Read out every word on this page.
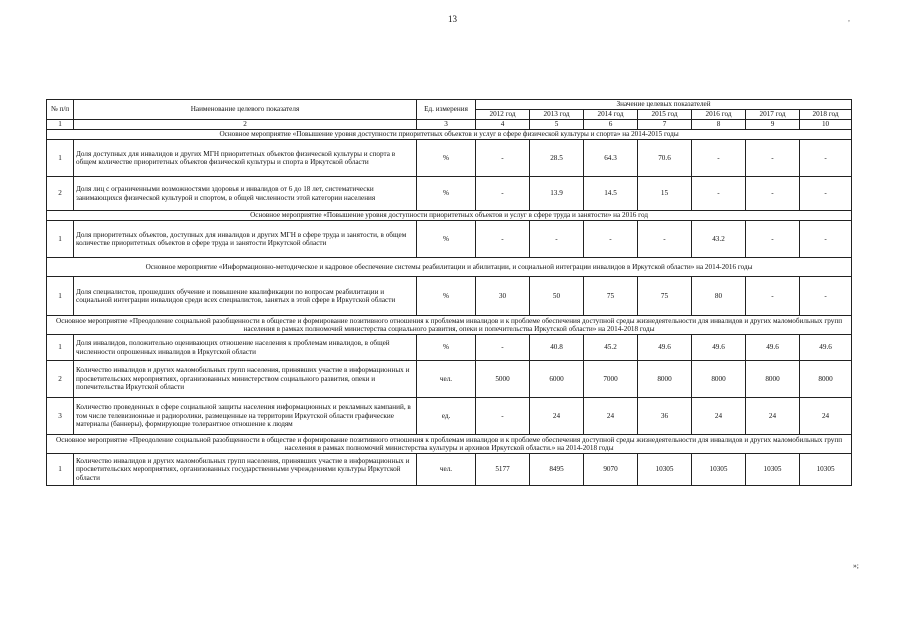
13	,
№ п/п	Наименование целевого показателя	Ед. измерения	Значение целевых показателей						
			2012 год	2013 год	2014 год	2015 год	2016 год	2017 год	2018 год
1	2	3	4	5	6	7	8	9	10
Основное мероприятие «Повышение уровня доступности приоритетных объектов и услуг в сфере физической культуры и спорта» на 2014-2015 годы									
1	Доля доступных для инвалидов и других МГН приоритетных объектов физической культуры и спорта в общем количестве приоритетных объектов физической культуры и спорта в Иркутской области	%	-	28.5	64.3	70.6	-	-	-
2	Доля лиц с ограниченными возможностями здоровья и инвалидов от 6 до 18 лет, систематически занимающихся физической культурой и спортом, в общей численности этой категории населения	%	-	13.9	14.5	15	-	-	-
Основное мероприятие «Повышение уровня доступности приоритетных объектов и услуг в сфере труда и занятости» на 2016 год									
1	Доля приоритетных объектов, доступных для инвалидов и других МГН в сфере труда и занятости, в общем количестве приоритетных объектов в сфере труда и занятости Иркутской области	%	-	-	-	-	43.2	-	-
Основное мероприятие «Информационно-методическое и кадровое обеспечение системы реабилитации и абилитации, и социальной интеграции инвалидов в Иркутской области» на 2014-2016 годы									
1	Доля специалистов, прошедших обучение и повышение квалификации по вопросам реабилитации и социальной интеграции инвалидов среди всех специалистов, занятых в этой сфере в Иркутской области	%	30	50	75	75	80	-	-
Основное мероприятие «Преодоление социальной разобщенности в обществе и формирование позитивного отношения к проблемам инвалидов и к проблеме обеспечения доступной среды жизнедеятельности для инвалидов и других маломобильных групп населения в рамках полномочий министерства социального развития, опеки и попечительства Иркутской области» на 2014-2018 годы									
1	Доля инвалидов, положительно оценивающих отношение населения к проблемам инвалидов, в общей численности опрошенных инвалидов в Иркутской области	%	-	40.8	45.2	49.6	49.6	49.6	49.6
2	Количество инвалидов и других маломобильных групп населения, принявших участие в информационных и просветительских мероприятиях, организованных министерством социального развития, опеки и попечительства Иркутской области	чел.	5000	6000	7000	8000	8000	8000	8000
3	Количество проведенных в сфере социальной защиты населения информационных и рекламных кампаний, в том числе телевизионные и радиоролики, размещенные на территории Иркутской области графические материалы (баннеры), формирующие толерантное отношение к людям	ед.	-	24	24	36	24	24	24
Основное мероприятие «Преодоление социальной разобщенности в обществе и формирование позитивного отношения к проблемам инвалидов и к проблеме обеспечения доступной среды жизнедеятельности для инвалидов и других маломобильных групп населения в рамках полномочий министерства культуры и архивов Иркутской области.» на 2014-2018 годы									
1	Количество инвалидов и других маломобильных групп населения, принявших участие в информационных и просветительских мероприятиях, организованных государственными учреждениями культуры Иркутской области	чел.	5177	8495	9070	10305	10305	10305	10305
»;
